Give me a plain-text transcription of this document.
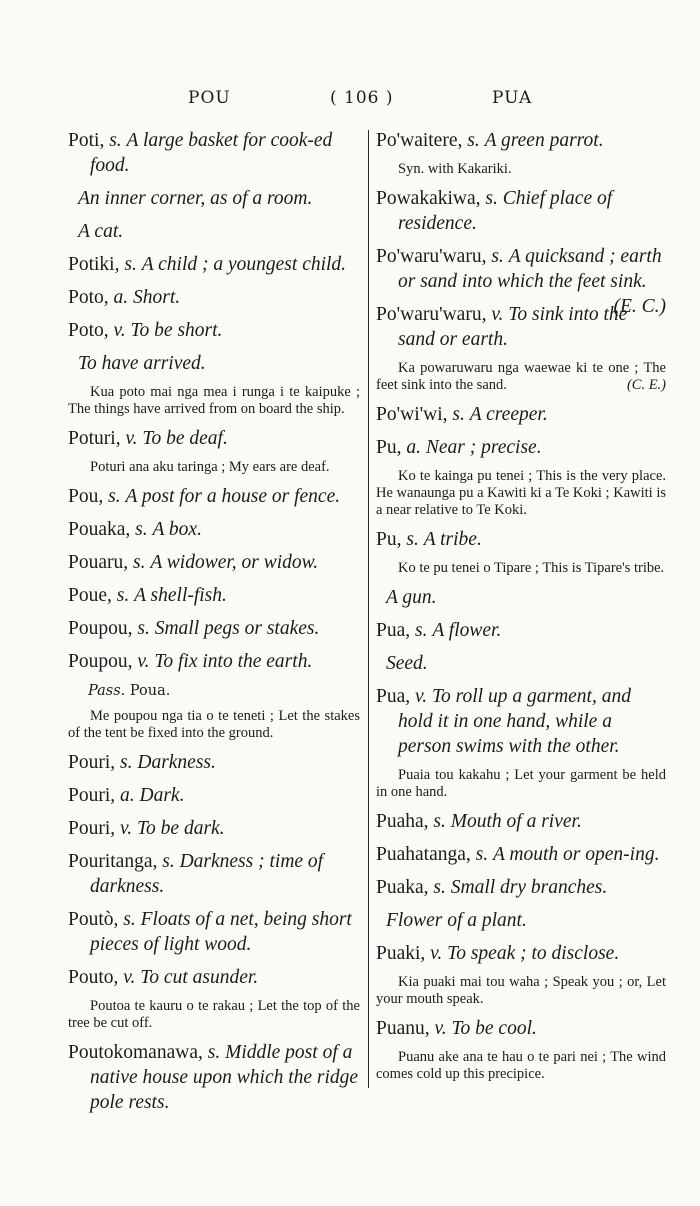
POU	( 106 )	PUA
Poti, s. A large basket for cook-ed food.
An inner corner, as of a room.
A cat.
Potiki, s. A child ; a youngest child.
Poto, a. Short.
Poto, v. To be short.
To have arrived.
Kua poto mai nga mea i runga i te kaipuke ; The things have arrived from on board the ship.
Poturi, v. To be deaf.
Poturi ana aku taringa ; My ears are deaf.
Pou, s. A post for a house or fence.
Pouaka, s. A box.
Pouaru, s. A widower, or widow.
Poue, s. A shell-fish.
Poupou, s. Small pegs or stakes.
Poupou, v. To fix into the earth.
Pass. Poua.
Me poupou nga tia o te teneti ; Let the stakes of the tent be fixed into the ground.
Pouri, s. Darkness.
Pouri, a. Dark.
Pouri, v. To be dark.
Pouritanga, s. Darkness ; time of darkness.
Poutò, s. Floats of a net, being short pieces of light wood.
Pouto, v. To cut asunder.
Poutoa te kauru o te rakau ; Let the top of the tree be cut off.
Poutokomanawa, s. Middle post of a native house upon which the ridge pole rests.
Po'waitere, s. A green parrot.
Syn. with Kakariki.
Powakakiwa, s. Chief place of residence.
Po'waru'waru, s. A quicksand ; earth or sand into which the feet sink.
(E. C.)
Po'waru'waru, v. To sink into the sand or earth.
Ka powaruwaru nga waewae ki te one ; The feet sink into the sand.	(C. E.)
Po'wi'wi, s. A creeper.
Pu, a. Near ; precise.
Ko te kainga pu tenei ; This is the very place. He wanaunga pu a Kawiti ki a Te Koki ; Kawiti is a near relative to Te Koki.
Pu, s. A tribe.
Ko te pu tenei o Tipare ; This is Tipare's tribe.
A gun.
Pua, s. A flower.
Seed.
Pua, v. To roll up a garment, and hold it in one hand, while a person swims with the other.
Puaia tou kakahu ; Let your garment be held in one hand.
Puaha, s. Mouth of a river.
Puahatanga, s. A mouth or open-ing.
Puaka, s. Small dry branches.
Flower of a plant.
Puaki, v. To speak ; to disclose.
Kia puaki mai tou waha ; Speak you ; or, Let your mouth speak.
Puanu, v. To be cool.
Puanu ake ana te hau o te pari nei ; The wind comes cold up this precipice.
